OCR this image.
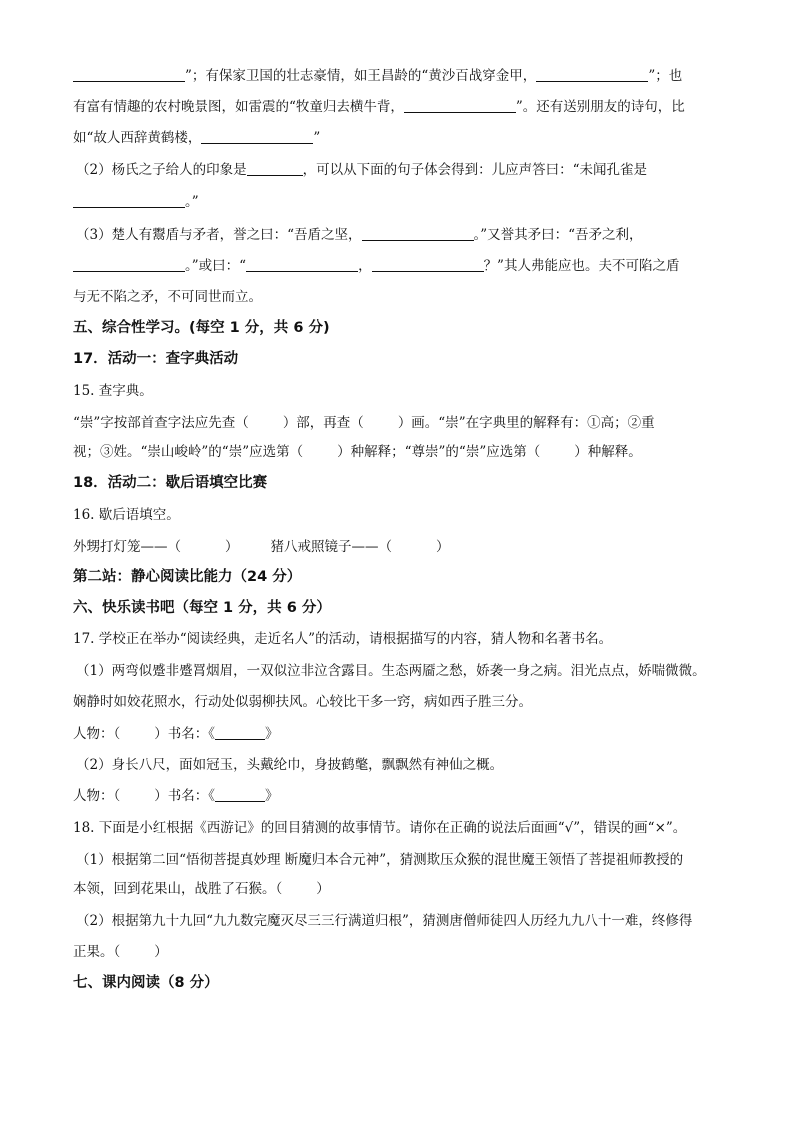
”；有保家卫国的壮志豪情，如王昌龄的“黄沙百战穿金甲，	”；也
有富有情趣的农村晚景图，如雷震的“牧童归去横牛背，	”。还有送别朋友的诗句，比
如“故人西辞黄鹤楼，	”
（2）杨氏之子给人的印象是	，可以从下面的句子体会得到：儿应声答曰：“未闻孔雀是
。”
（3）楚人有鬻盾与矛者，誉之曰：“吾盾之坚，	。”又誉其矛曰：“吾矛之利，
。”或曰：“	，	？”其人弗能应也。夫不可陷之盾
与无不陷之矛，不可同世而立。
五、综合性学习。(每空 1 分，共 6 分)
17．活动一：查字典活动
15. 查字典。
“崇”字按部首查字法应先查（	）部，再查（	）画。“崇”在字典里的解释有：①高；②重
视；③姓。“崇山峻岭”的“崇”应选第（	）种解释；“尊崇”的“崇”应选第（	）种解释。
18．活动二：歇后语填空比赛
16. 歇后语填空。
外甥打灯笼——（	） 猪八戒照镜子——（	）
第二站：静心阅读比能力（24 分）
六、快乐读书吧（每空 1 分，共 6 分）
17. 学校正在举办“阅读经典，走近名人”的活动，请根据描写的内容，猜人物和名著书名。
（1）两弯似蹙非蹙罥烟眉，一双似泣非泣含露目。生态两靥之愁，娇袭一身之病。泪光点点，娇喘微微。
娴静时如姣花照水，行动处似弱柳扶风。心较比干多一窍，病如西子胜三分。
人物：（	）书名：《	》
（2）身长八尺，面如冠玉，头戴纶巾，身披鹤氅，飘飘然有神仙之概。
人物：（	）书名：《	》
18. 下面是小红根据《西游记》的回目猜测的故事情节。请你在正确的说法后面画“√”，错误的画“×”。
（1）根据第二回“悟彻菩提真妙理 断魔归本合元神”，猜测欺压众猴的混世魔王领悟了菩提祖师教授的
本领，回到花果山，战胜了石猴。（	）
（2）根据第九十九回“九九数完魔灭尽三三行满道归根”，猜测唐僧师徒四人历经九九八十一难，终修得
正果。（	）
七、课内阅读（8 分）
